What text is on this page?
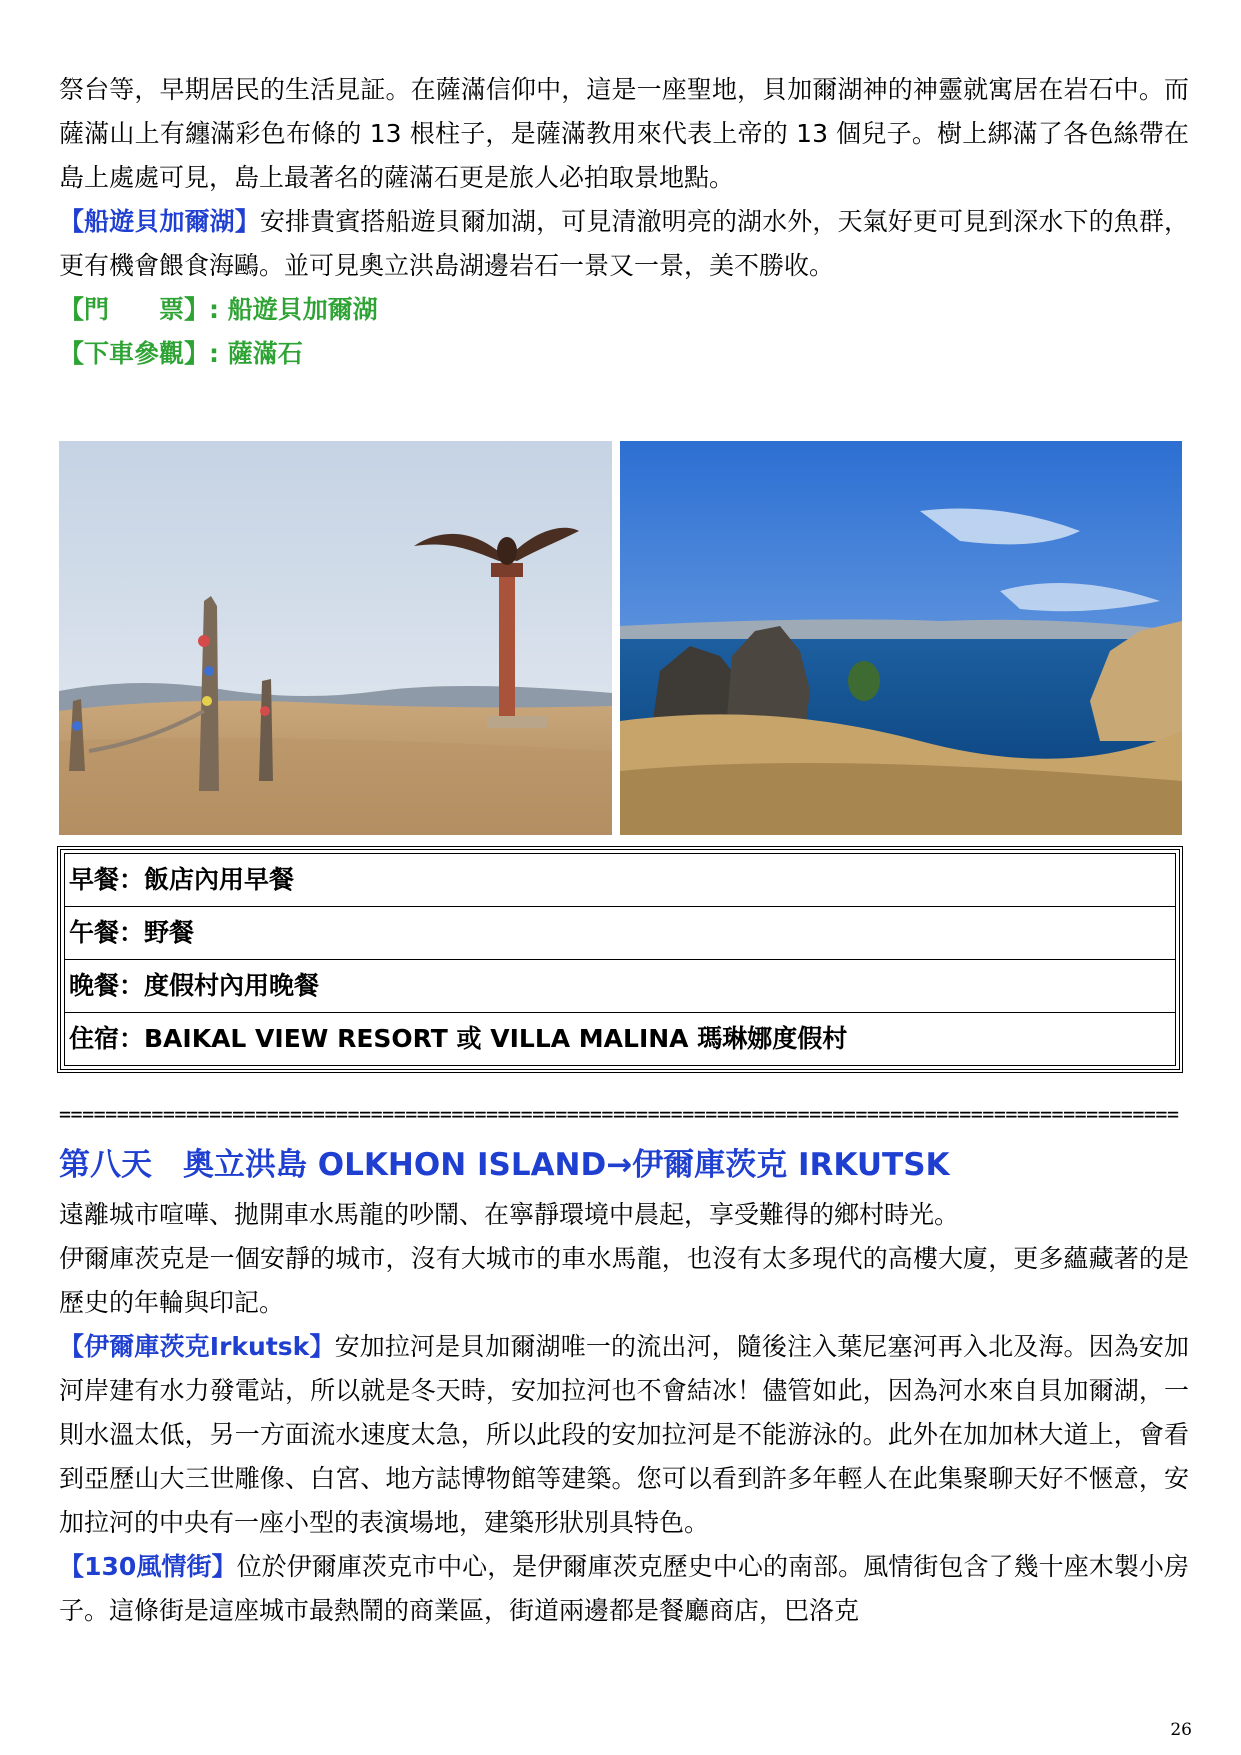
祭台等，早期居民的生活見証。在薩滿信仰中，這是一座聖地，貝加爾湖神的神靈就寓居在岩石中。而薩滿山上有纏滿彩色布條的 13 根柱子，是薩滿教用來代表上帝的 13 個兒子。樹上綁滿了各色絲帶在島上處處可見，島上最著名的薩滿石更是旅人必拍取景地點。

【船遊貝加爾湖】安排貴賓搭船遊貝爾加湖，可見清澈明亮的湖水外，天氣好更可見到深水下的魚群，更有機會餵食海鷗。並可見奧立洪島湖邊岩石一景又一景，美不勝收。

【門　　票】: 船遊貝加爾湖

【下車參觀】: 薩滿石

早餐：飯店內用早餐
午餐：野餐
晚餐：度假村內用晚餐
住宿：BAIKAL VIEW RESORT 或 VILLA MALINA 瑪琳娜度假村
=================================================================================================
第八天　奧立洪島 OLKHON ISLAND→伊爾庫茨克 IRKUTSK

遠離城市喧嘩、拋開車水馬龍的吵鬧、在寧靜環境中晨起，享受難得的鄉村時光。

伊爾庫茨克是一個安靜的城市，沒有大城市的車水馬龍，也沒有太多現代的高樓大廈，更多蘊藏著的是歷史的年輪與印記。

【伊爾庫茨克Irkutsk】安加拉河是貝加爾湖唯一的流出河，隨後注入葉尼塞河再入北及海。因為安加河岸建有水力發電站，所以就是冬天時，安加拉河也不會結冰！儘管如此，因為河水來自貝加爾湖，一則水溫太低，另一方面流水速度太急，所以此段的安加拉河是不能游泳的。此外在加加林大道上，會看到亞歷山大三世雕像、白宮、地方誌博物館等建築。您可以看到許多年輕人在此集聚聊天好不愜意，安加拉河的中央有一座小型的表演場地，建築形狀別具特色。

【130風情街】位於伊爾庫茨克市中心，是伊爾庫茨克歷史中心的南部。風情街包含了幾十座木製小房子。這條街是這座城市最熱鬧的商業區，街道兩邊都是餐廳商店，巴洛克

26
